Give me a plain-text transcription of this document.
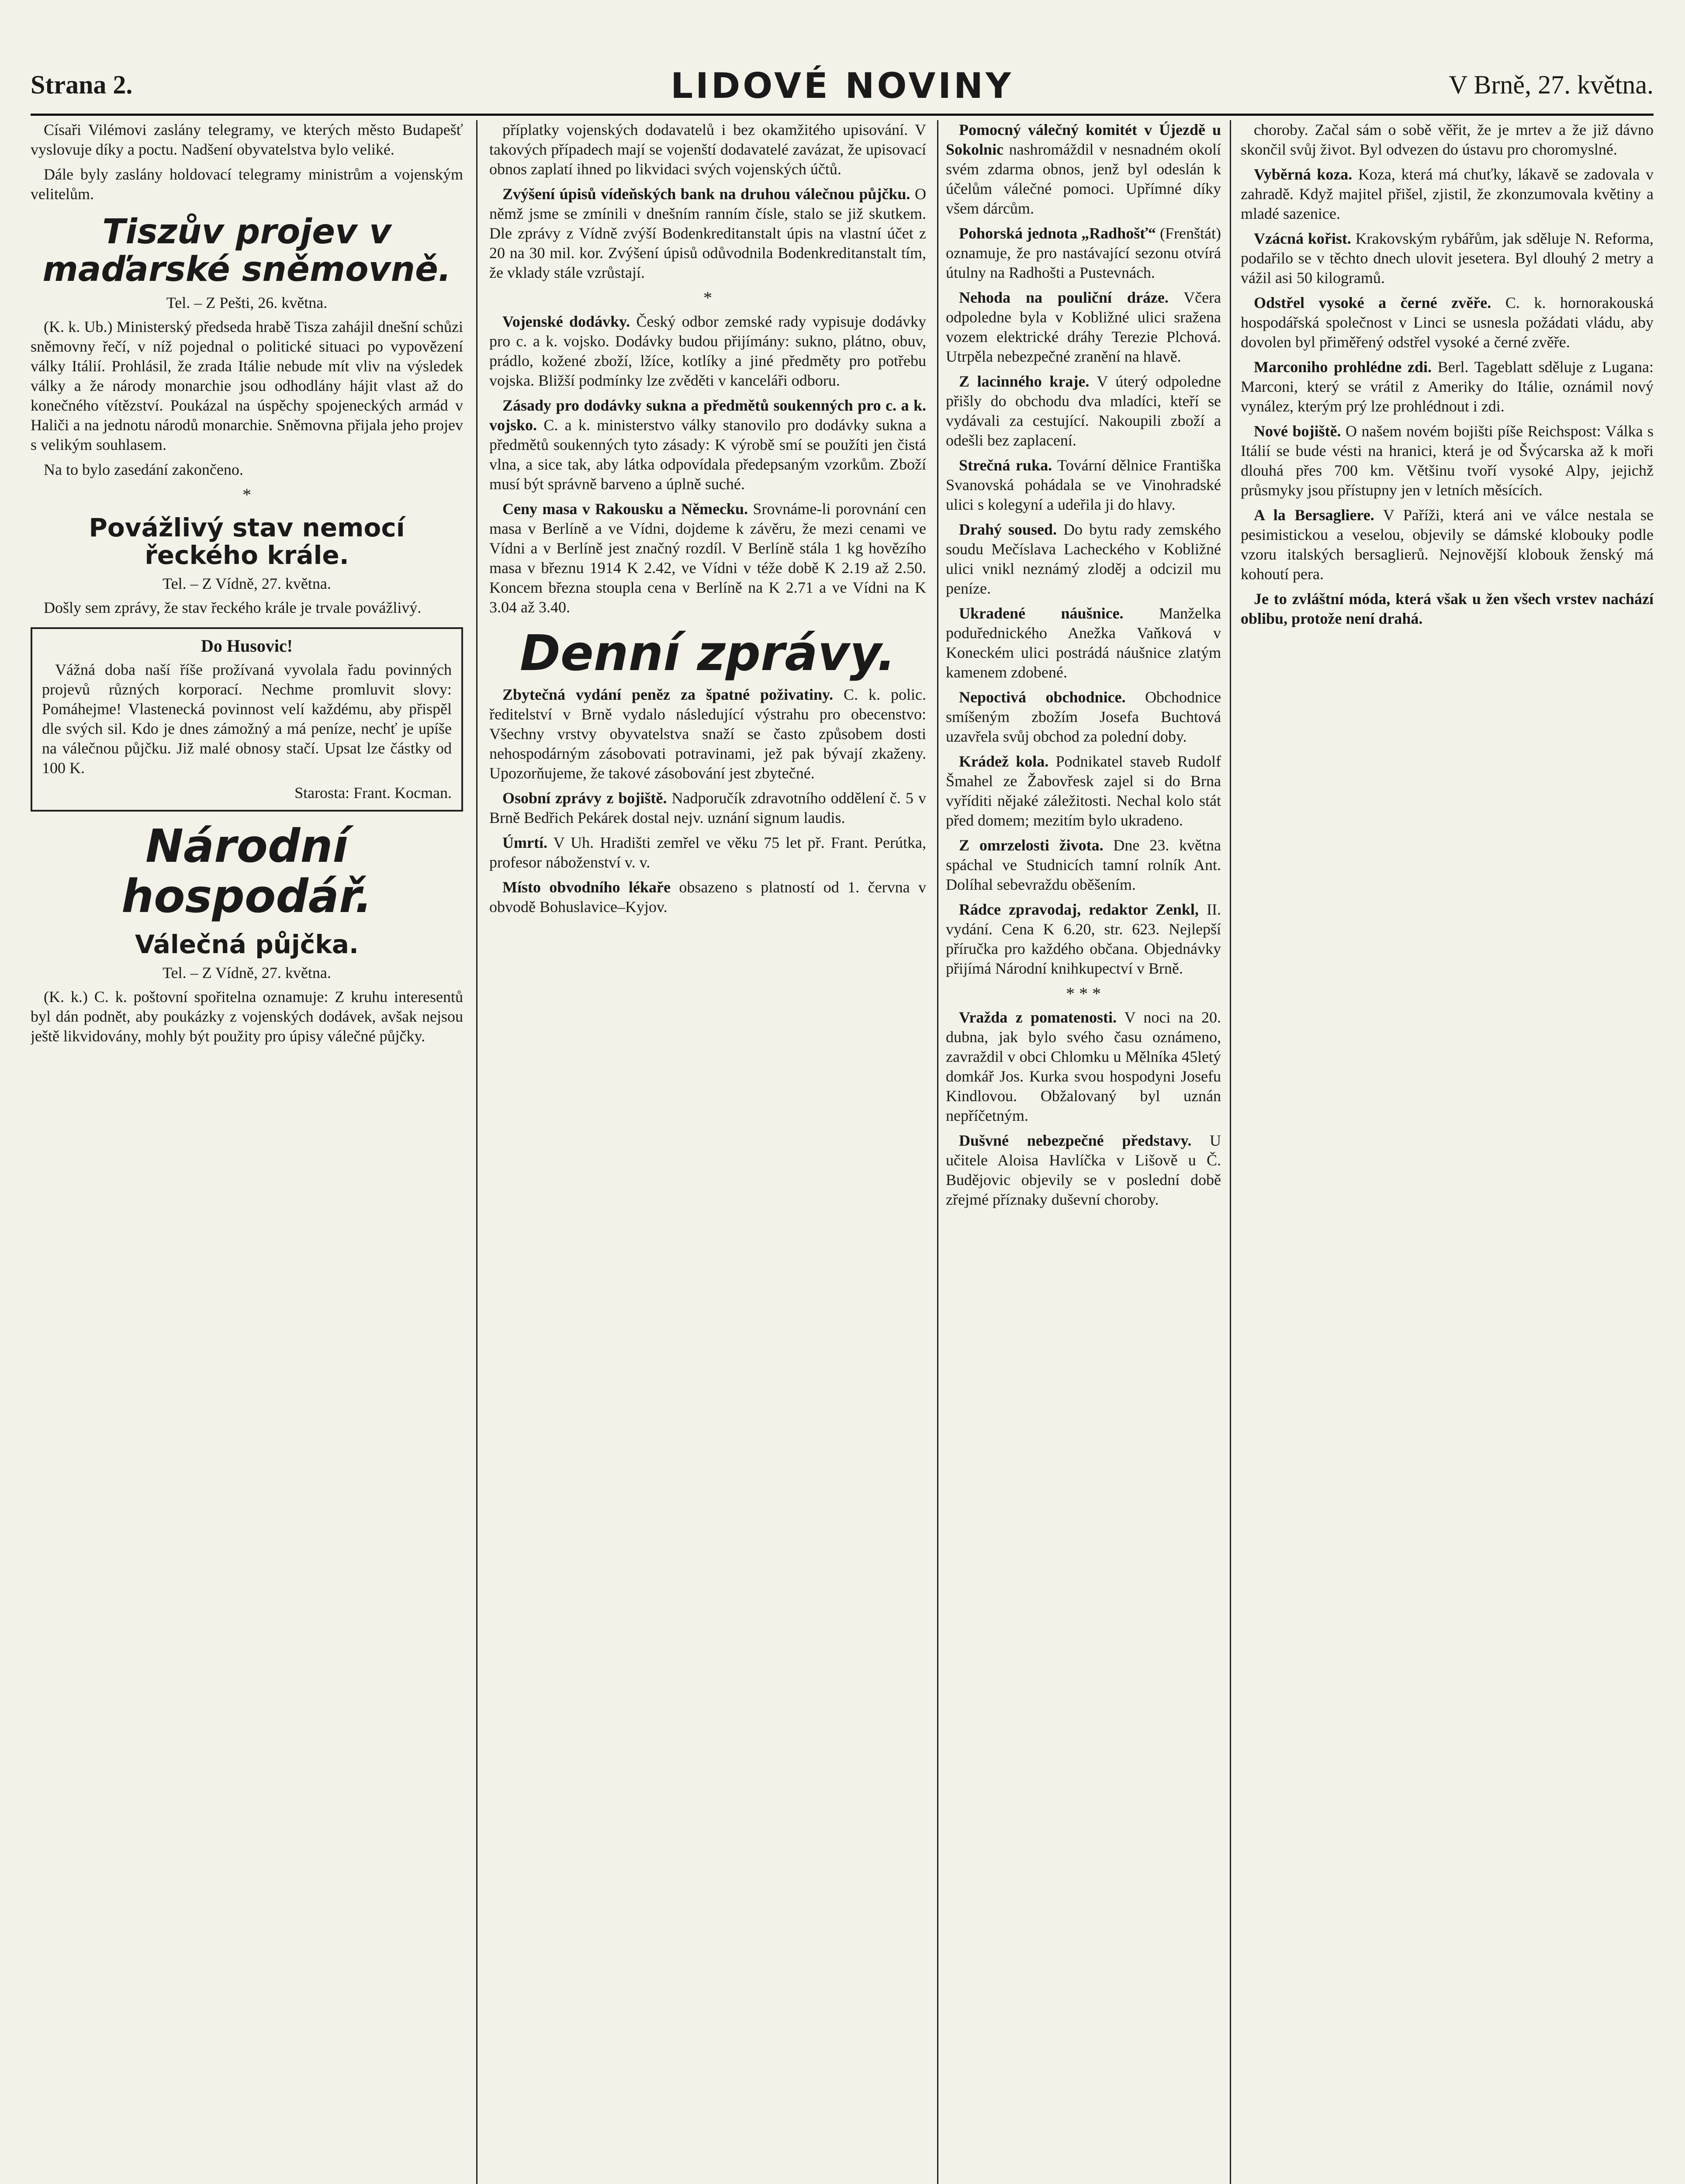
Strana 2.	LIDOVÉ NOVINY	V Brně, 27. května.

Císaři Vilémovi zaslány telegramy, ve kterých město Budapešť vyslovuje díky a poctu. Nadšení obyvatelstva bylo veliké.

Dále byly zaslány holdovací telegramy ministrům a vojenským velitelům.

Tiszův projev v maďarské sněmovně.
Tel. – Z Pešti, 26. května.

(K. k. Ub.) Ministerský předseda hrabě Tisza zahájil dnešní schůzi sněmovny řečí, v níž pojednal o politické situaci po vypovězení války Itálií. Prohlásil, že zrada Itálie nebude mít vliv na výsledek války a že národy monarchie jsou odhodlány hájit vlast až do konečného vítězství. Poukázal na úspěchy spojeneckých armád v Haliči a na jednotu národů monarchie. Sněmovna přijala jeho projev s velikým souhlasem.

Na to bylo zasedání zakončeno.

*
Povážlivý stav nemocí řeckého krále.
Tel. – Z Vídně, 27. května.

Došly sem zprávy, že stav řeckého krále je trvale povážlivý.

Do Husovic!

Vážná doba naší říše prožívaná vyvolala řadu povinných projevů různých korporací. Nechme promluvit slovy: Pomáhejme! Vlastenecká povinnost velí každému, aby přispěl dle svých sil. Kdo je dnes zámožný a má peníze, nechť je upíše na válečnou půjčku. Již malé obnosy stačí. Upsat lze částky od 100 K.

Starosta: Frant. Kocman.
Národní hospodář.
Válečná půjčka.
Tel. – Z Vídně, 27. května.

(K. k.) C. k. poštovní spořitelna oznamuje: Z kruhu interesentů byl dán podnět, aby poukázky z vojenských dodávek, avšak nejsou ještě likvidovány, mohly být použity pro úpisy válečné půjčky.

příplatky vojenských dodavatelů i bez okamžitého upisování. V takových případech mají se vojenští dodavatelé zavázat, že upisovací obnos zaplatí ihned po likvidaci svých vojenských účtů.

Zvýšení úpisů vídeňských bank na druhou válečnou půjčku. O němž jsme se zmínili v dnešním ranním čísle, stalo se již skutkem. Dle zprávy z Vídně zvýší Bodenkreditanstalt úpis na vlastní účet z 20 na 30 mil. kor. Zvýšení úpisů odůvodnila Bodenkreditanstalt tím, že vklady stále vzrůstají.

*

Vojenské dodávky. Český odbor zemské rady vypisuje dodávky pro c. a k. vojsko. Dodávky budou přijímány: sukno, plátno, obuv, prádlo, kožené zboží, lžíce, kotlíky a jiné předměty pro potřebu vojska. Bližší podmínky lze zvěděti v kanceláři odboru.

Zásady pro dodávky sukna a předmětů soukenných pro c. a k. vojsko. C. a k. ministerstvo války stanovilo pro dodávky sukna a předmětů soukenných tyto zásady: K výrobě smí se použíti jen čistá vlna, a sice tak, aby látka odpovídala předepsaným vzorkům. Zboží musí být správně barveno a úplně suché.

Ceny masa v Rakousku a Německu. Srovnáme-li porovnání cen masa v Berlíně a ve Vídni, dojdeme k závěru, že mezi cenami ve Vídni a v Berlíně jest značný rozdíl. V Berlíně stála 1 kg hovězího masa v březnu 1914 K 2.42, ve Vídni v téže době K 2.19 až 2.50. Koncem března stoupla cena v Berlíně na K 2.71 a ve Vídni na K 3.04 až 3.40.

Denní zprávy.

Zbytečná vydání peněz za špatné poživatiny. C. k. polic. ředitelství v Brně vydalo následující výstrahu pro obecenstvo: Všechny vrstvy obyvatelstva snaží se často způsobem dosti nehospodárným zásobovati potravinami, jež pak bývají zkaženy. Upozorňujeme, že takové zásobování jest zbytečné.

Osobní zprávy z bojiště. Nadporučík zdravotního oddělení č. 5 v Brně Bedřich Pekárek dostal nejv. uznání signum laudis.

Úmrtí. V Uh. Hradišti zemřel ve věku 75 let př. Frant. Perútka, profesor náboženství v. v.

Místo obvodního lékaře obsazeno s platností od 1. června v obvodě Bohuslavice–Kyjov.

Pomocný válečný komitét v Újezdě u Sokolnic nashromáždil v nesnadném okolí svém zdarma obnos, jenž byl odeslán k účelům válečné pomoci. Upřímné díky všem dárcům.

Pohorská jednota „Radhošť“ (Frenštát) oznamuje, že pro nastávající sezonu otvírá útulny na Radhošti a Pustevnách.

Nehoda na pouliční dráze. Včera odpoledne byla v Kobližné ulici sražena vozem elektrické dráhy Terezie Plchová. Utrpěla nebezpečné zranění na hlavě.

Z lacinného kraje. V úterý odpoledne přišly do obchodu dva mladíci, kteří se vydávali za cestující. Nakoupili zboží a odešli bez zaplacení.

Strečná ruka. Tovární dělnice Františka Svanovská pohádala se ve Vinohradské ulici s kolegyní a udeřila ji do hlavy.

Drahý soused. Do bytu rady zemského soudu Mečíslava Lacheckého v Kobližné ulici vnikl neznámý zloděj a odcizil mu peníze.

Ukradené náušnice. Manželka poduřednického Anežka Vaňková v Koneckém ulici postrádá náušnice zlatým kamenem zdobené.

Nepoctivá obchodnice. Obchodnice smíšeným zbožím Josefa Buchtová uzavřela svůj obchod za polední doby.

Krádež kola. Podnikatel staveb Rudolf Šmahel ze Žabovřesk zajel si do Brna vyříditi nějaké záležitosti. Nechal kolo stát před domem; mezitím bylo ukradeno.

Z omrzelosti života. Dne 23. května spáchal ve Studnicích tamní rolník Ant. Dolíhal sebevraždu oběšením.

Rádce zpravodaj, redaktor Zenkl, II. vydání. Cena K 6.20, str. 623. Nejlepší příručka pro každého občana. Objednávky přijímá Národní knihkupectví v Brně.

* * *

Vražda z pomatenosti. V noci na 20. dubna, jak bylo svého času oznámeno, zavraždil v obci Chlomku u Mělníka 45letý domkář Jos. Kurka svou hospodyni Josefu Kindlovou. Obžalovaný byl uznán nepříčetným.

Dušvné nebezpečné představy. U učitele Aloisa Havlíčka v Lišově u Č. Budějovic objevily se v poslední době zřejmé příznaky duševní choroby.

choroby. Začal sám o sobě věřit, že je mrtev a že již dávno skončil svůj život. Byl odvezen do ústavu pro choromyslné.

Vyběrná koza. Koza, která má chuťky, lákavě se zadovala v zahradě. Když majitel přišel, zjistil, že zkonzumovala květiny a mladé sazenice.

Vzácná kořist. Krakovským rybářům, jak sděluje N. Reforma, podařilo se v těchto dnech ulovit jesetera. Byl dlouhý 2 metry a vážil asi 50 kilogramů.

Odstřel vysoké a černé zvěře. C. k. hornorakouská hospodářská společnost v Linci se usnesla požádati vládu, aby dovolen byl přiměřený odstřel vysoké a černé zvěře.

Marconiho prohlédne zdi. Berl. Tageblatt sděluje z Lugana: Marconi, který se vrátil z Ameriky do Itálie, oznámil nový vynález, kterým prý lze prohlédnout i zdi.

Nové bojiště. O našem novém bojišti píše Reichspost: Válka s Itálií se bude vésti na hranici, která je od Švýcarska až k moři dlouhá přes 700 km. Většinu tvoří vysoké Alpy, jejichž průsmyky jsou přístupny jen v letních měsících.

A la Bersagliere. V Paříži, která ani ve válce nestala se pesimistickou a veselou, objevily se dámské klobouky podle vzoru italských bersaglierů. Nejnovější klobouk ženský má kohoutí pera.

Je to zvláštní móda, která však u žen všech vrstev nachází oblibu, protože není drahá.
